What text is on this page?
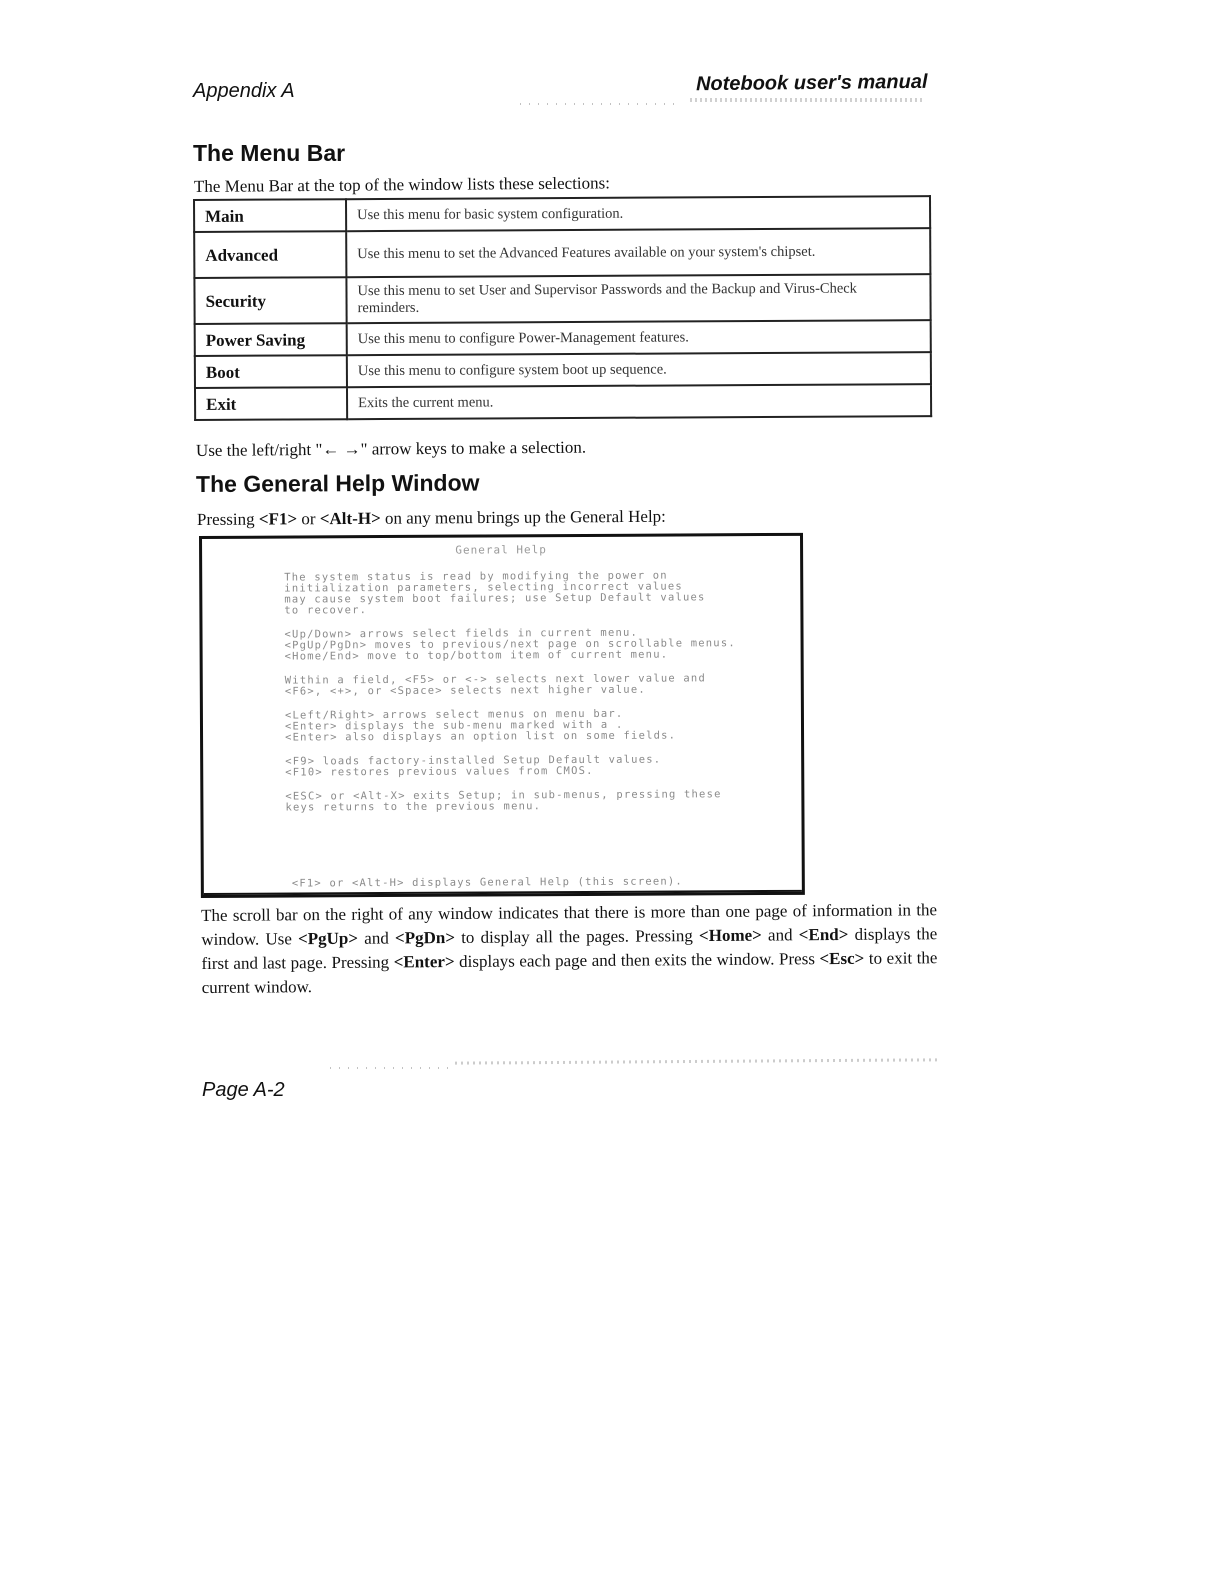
Appendix A	Notebook user's manual
The Menu Bar
The Menu Bar at the top of the window lists these selections:
Main	Use this menu for basic system configuration.
Advanced	Use this menu to set the Advanced Features available on your system's chipset.
Security	Use this menu to set User and Supervisor Passwords and the Backup and Virus-Check reminders.
Power Saving	Use this menu to configure Power-Management features.
Boot	Use this menu to configure system boot up sequence.
Exit	Exits the current menu.
Use the left/right "← →" arrow keys to make a selection.
The General Help Window
Pressing <F1> or <Alt-H> on any menu brings up the General Help:
General Help
The system status is read by modifying the power on
initialization parameters, selecting incorrect values
may cause system boot failures; use Setup Default values
to recover.
<Up/Down> arrows select fields in current menu.
<PgUp/PgDn> moves to previous/next page on scrollable menus.
<Home/End> move to top/bottom item of current menu.
Within a field, <F5> or <-> selects next lower value and
<F6>, <+>, or <Space> selects next higher value.
<Left/Right> arrows select menus on menu bar.
<Enter> displays the sub-menu marked with a .
<Enter> also displays an option list on some fields.
<F9> loads factory-installed Setup Default values.
<F10> restores previous values from CMOS.
<ESC> or <Alt-X> exits Setup; in sub-menus, pressing these
keys returns to the previous menu.
<F1> or <Alt-H> displays General Help (this screen).
The scroll bar on the right of any window indicates that there is more than one page of information in the window. Use <PgUp> and <PgDn> to display all the pages. Pressing <Home> and <End> displays the first and last page. Pressing <Enter> displays each page and then exits the window. Press <Esc> to exit the current window.
Page A-2
